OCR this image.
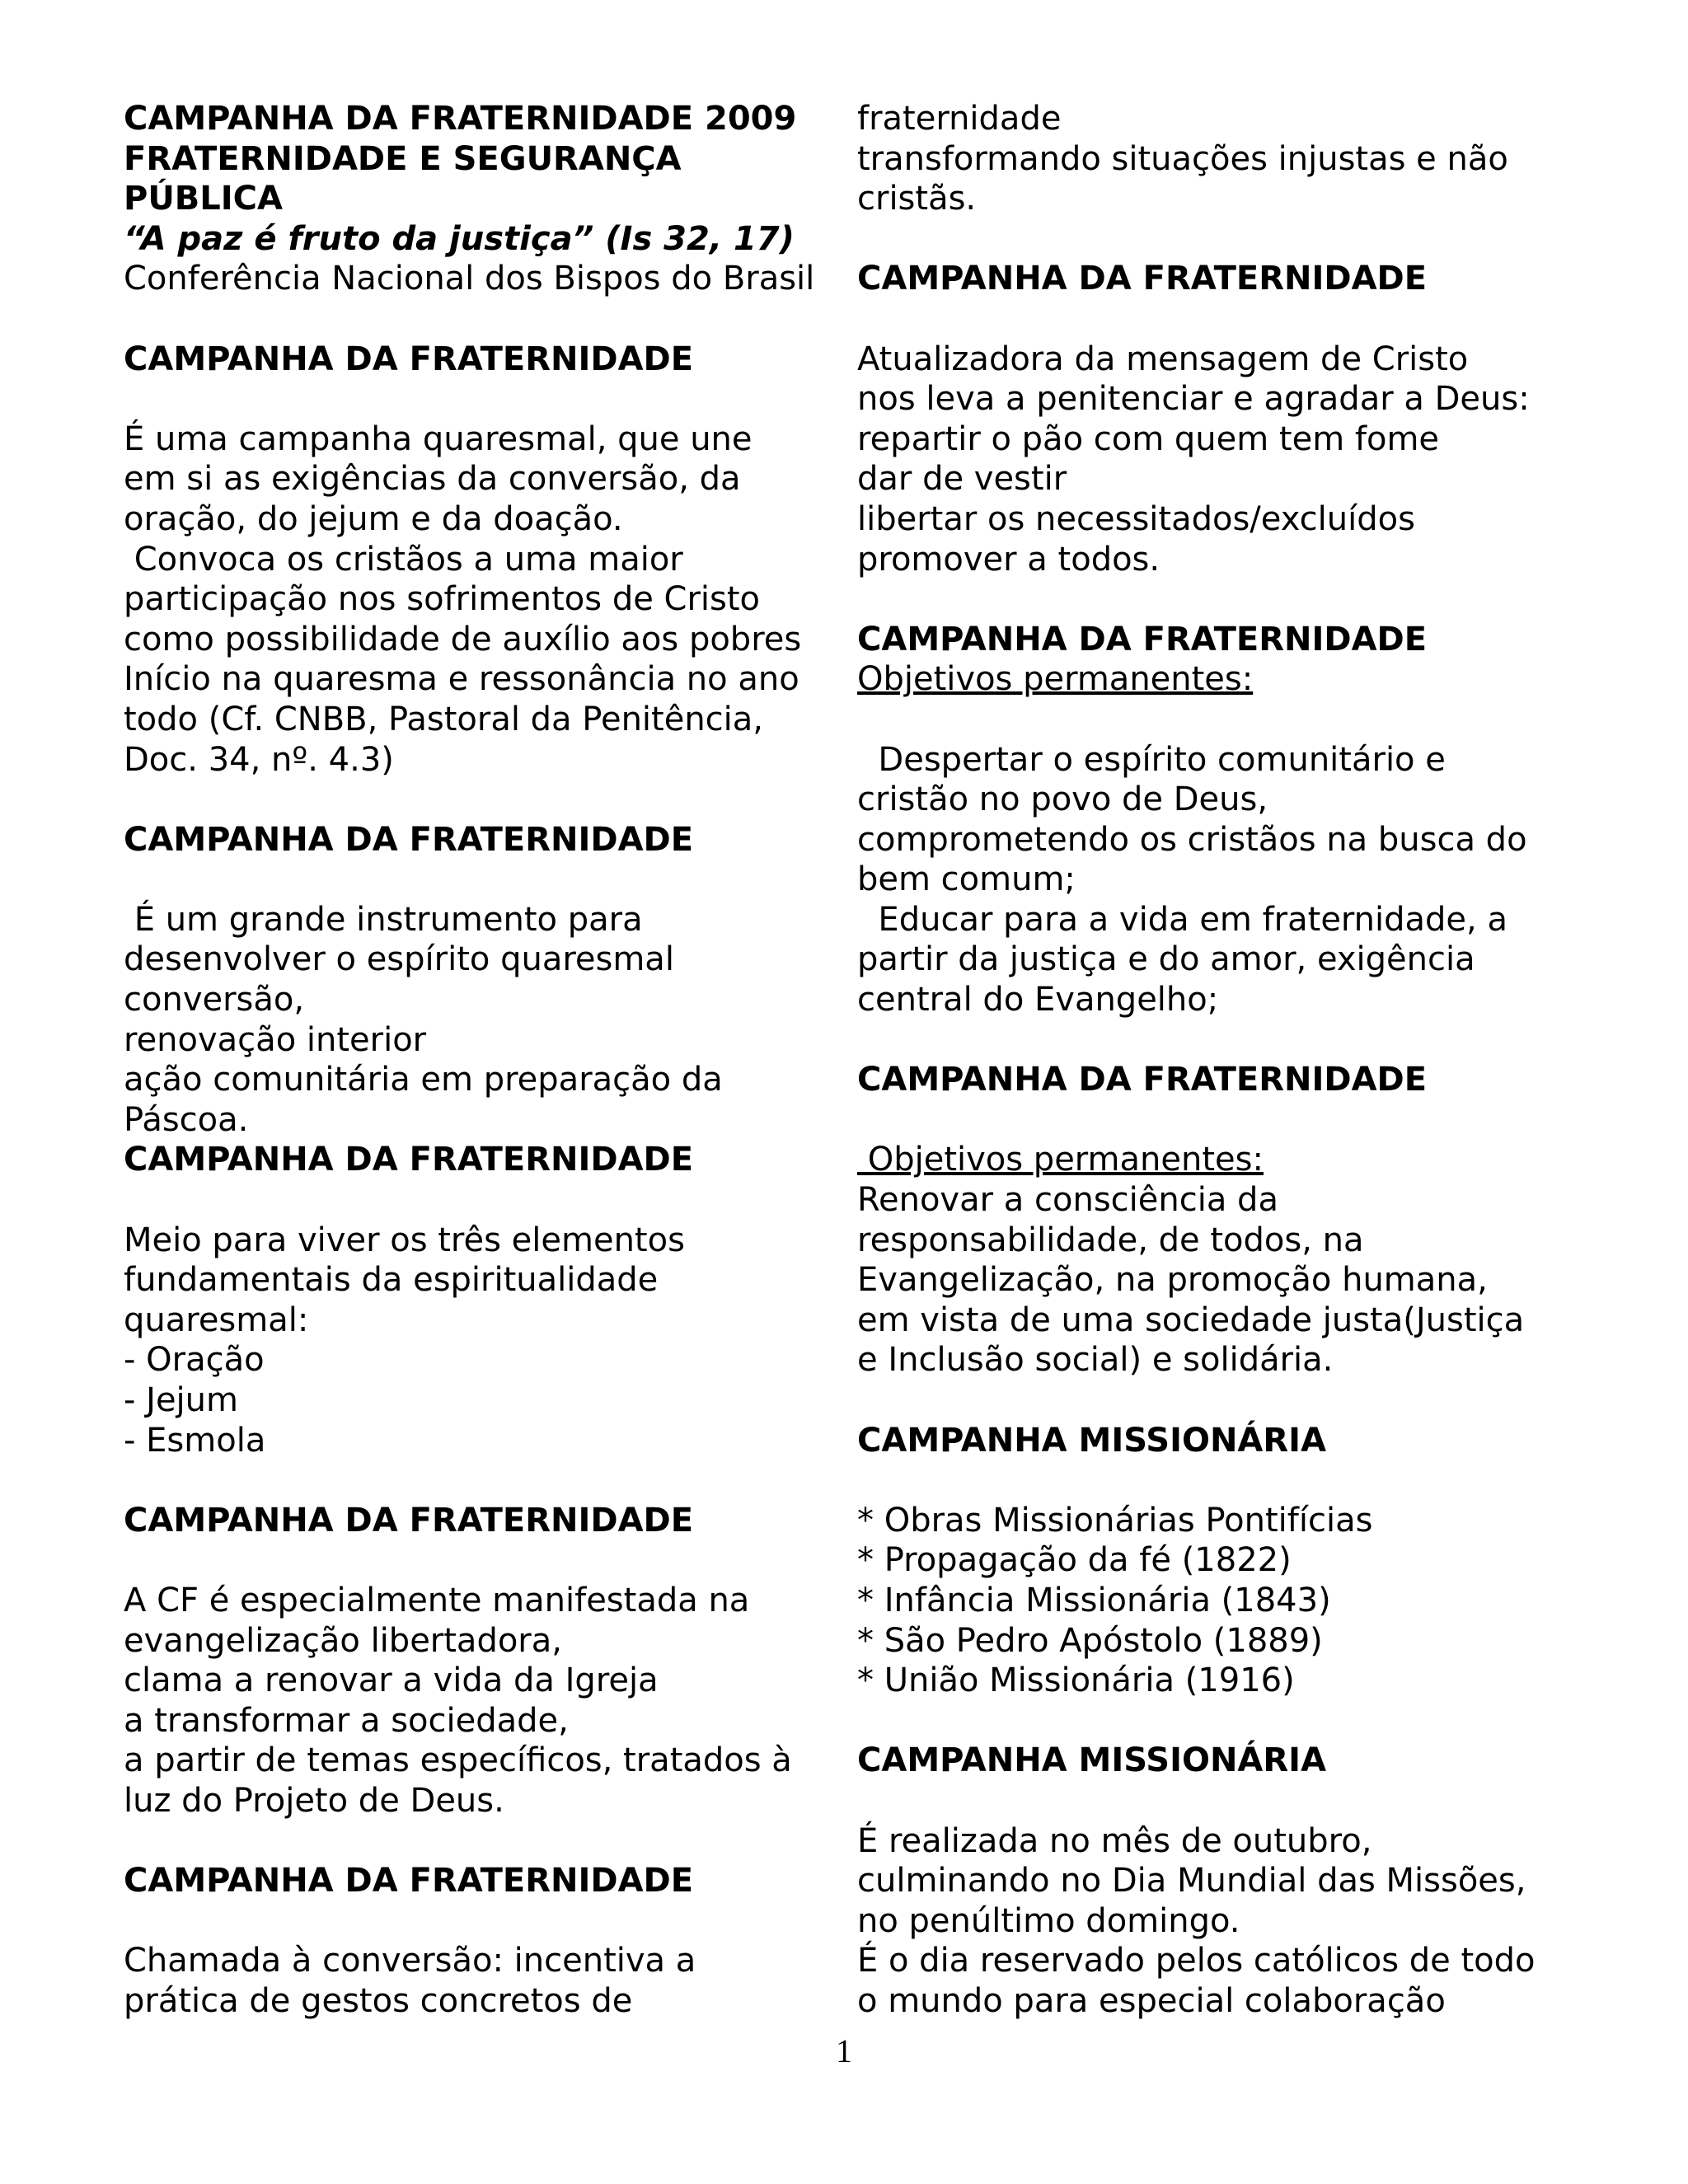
CAMPANHA DA FRATERNIDADE 2009
FRATERNIDADE E SEGURANÇA
PÚBLICA
“A paz é fruto da justiça” (Is 32, 17)
Conferência Nacional dos Bispos do Brasil
CAMPANHA DA FRATERNIDADE
É uma campanha quaresmal, que une
em si as exigências da conversão, da
oração, do jejum e da doação.
Convoca os cristãos a uma maior
participação nos sofrimentos de Cristo
como possibilidade de auxílio aos pobres
Início na quaresma e ressonância no ano
todo (Cf. CNBB, Pastoral da Penitência,
Doc. 34, nº. 4.3)
CAMPANHA DA FRATERNIDADE
É um grande instrumento para
desenvolver o espírito quaresmal
conversão,
renovação interior
ação comunitária em preparação da
Páscoa.
CAMPANHA DA FRATERNIDADE
Meio para viver os três elementos
fundamentais da espiritualidade
quaresmal:
- Oração
- Jejum
- Esmola
CAMPANHA DA FRATERNIDADE
A CF é especialmente manifestada na
evangelização libertadora,
clama a renovar a vida da Igreja
a transformar a sociedade,
a partir de temas específicos, tratados à
luz do Projeto de Deus.
CAMPANHA DA FRATERNIDADE
Chamada à conversão: incentiva a
prática de gestos concretos de
fraternidade
transformando situações injustas e não
cristãs.
CAMPANHA DA FRATERNIDADE
Atualizadora da mensagem de Cristo
nos leva a penitenciar e agradar a Deus:
repartir o pão com quem tem fome
dar de vestir
libertar os necessitados/excluídos
promover a todos.
CAMPANHA DA FRATERNIDADE
Objetivos permanentes:
Despertar o espírito comunitário e
cristão no povo de Deus,
comprometendo os cristãos na busca do
bem comum;
Educar para a vida em fraternidade, a
partir da justiça e do amor, exigência
central do Evangelho;
CAMPANHA DA FRATERNIDADE
Objetivos permanentes:
Renovar a consciência da
responsabilidade, de todos, na
Evangelização, na promoção humana,
em vista de uma sociedade justa(Justiça
e Inclusão social) e solidária.
CAMPANHA MISSIONÁRIA
* Obras Missionárias Pontifícias
* Propagação da fé (1822)
* Infância Missionária (1843)
* São Pedro Apóstolo (1889)
* União Missionária (1916)
CAMPANHA MISSIONÁRIA
É realizada no mês de outubro,
culminando no Dia Mundial das Missões,
no penúltimo domingo.
É o dia reservado pelos católicos de todo
o mundo para especial colaboração
1
